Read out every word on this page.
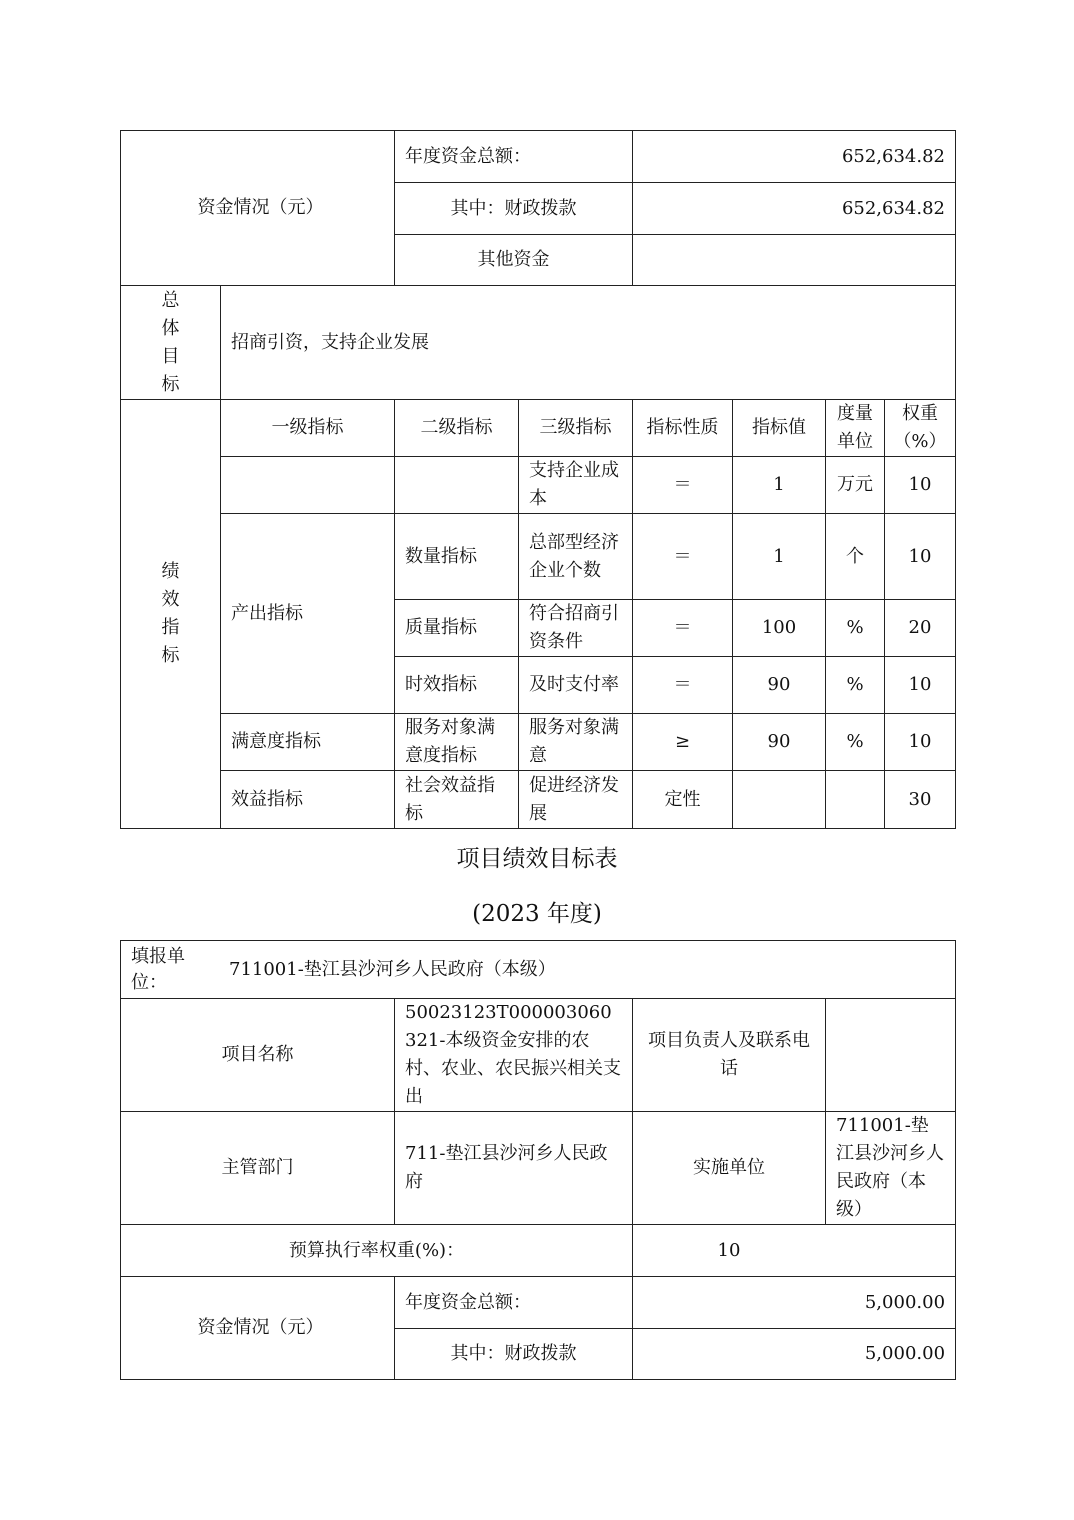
资金情况（元）		年度资金总额：		652,634.82			
		其中：财政拨款		652,634.82			
		其他资金					

总体目标	招商引资，支持企业发展						

绩效指标	一级指标	二级指标	三级指标	指标性质	指标值	度量单位	权重（%）
			支持企业成本	＝	1	万元	10
	产出指标	数量指标	总部型经济企业个数	＝	1	个	10
		质量指标	符合招商引资条件	＝	100	%	20
		时效指标	及时支付率	＝	90	%	10
	满意度指标	服务对象满意度指标	服务对象满意	≥	90	%	10
	效益指标	社会效益指标	促进经济发展	定性			30
项目绩效目标表
(2023 年度)
填报单位：
711001-垫江县沙河乡人民政府（本级）			

项目名称	50023123T000003060321-本级资金安排的农村、农业、农民振兴相关支出	项目负责人及联系电话	

主管部门	711-垫江县沙河乡人民政府	实施单位	711001-垫江县沙河乡人民政府（本级）
预算执行率权重(%)：		10	

资金情况（元）	年度资金总额：	5,000.00	
	其中：财政拨款	5,000.00	
